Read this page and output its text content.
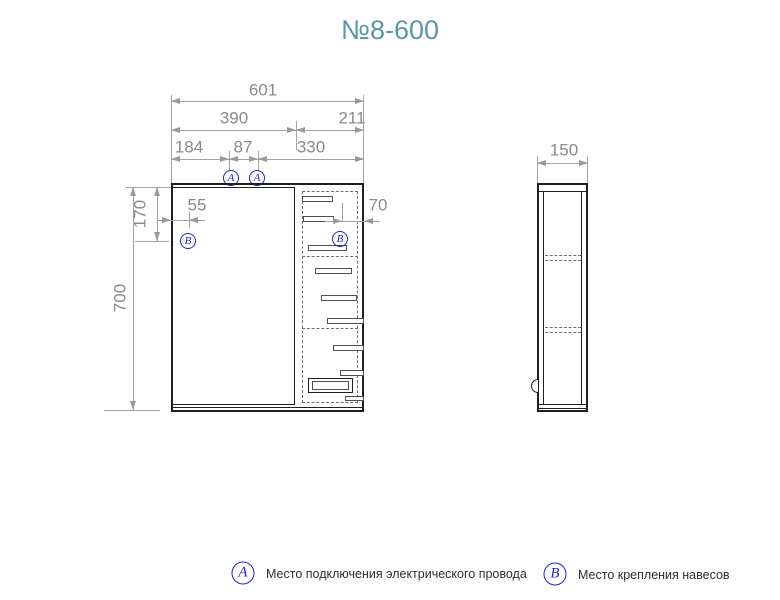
№8-600
601
390	211
184 87	330
A	A
700
170 55	70
B	B
150
A	Место подключения электрического провода	B	Место крепления навесов
